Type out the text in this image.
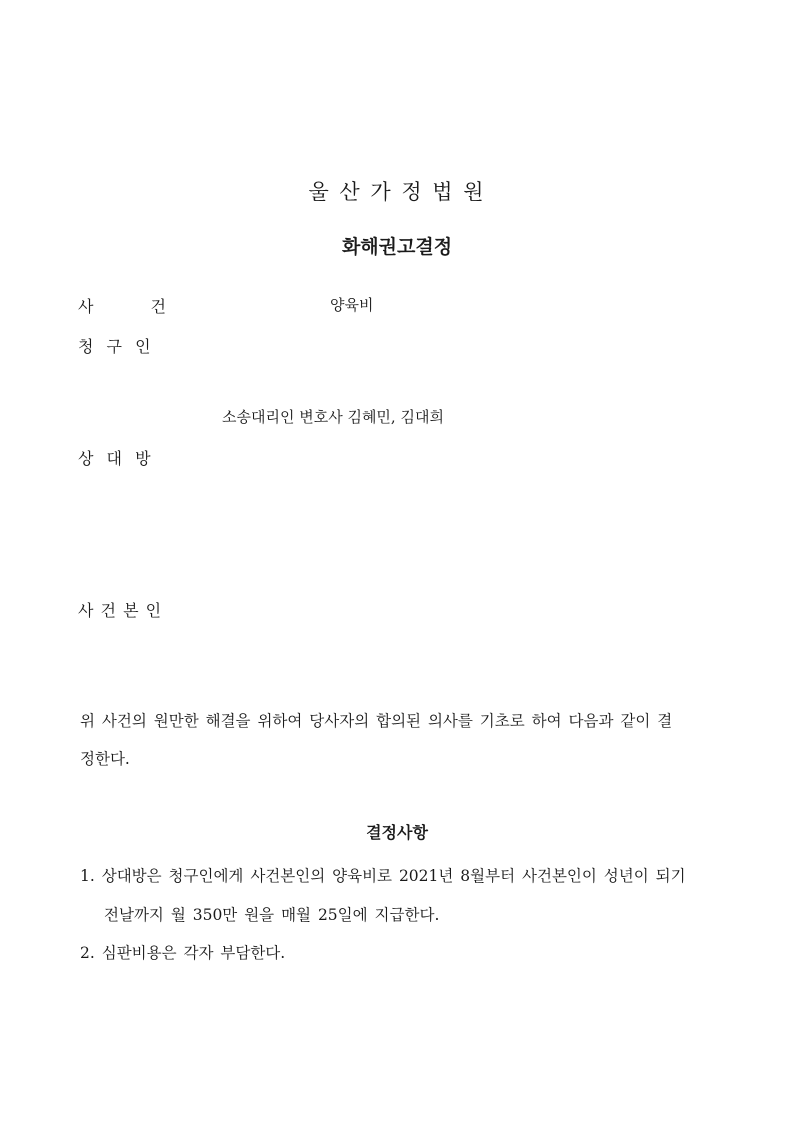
울 산 가 정 법 원
화해권고결정
사 건	양육비
청 구 인
소송대리인 변호사 김혜민, 김대희
상 대 방
사 건 본 인
위 사건의 원만한 해결을 위하여 당사자의 합의된 의사를 기초로 하여 다음과 같이 결
정한다.
결정사항
1. 상대방은 청구인에게 사건본인의 양육비로 2021년 8월부터 사건본인이 성년이 되기
전날까지 월 350만 원을 매월 25일에 지급한다.
2. 심판비용은 각자 부담한다.
